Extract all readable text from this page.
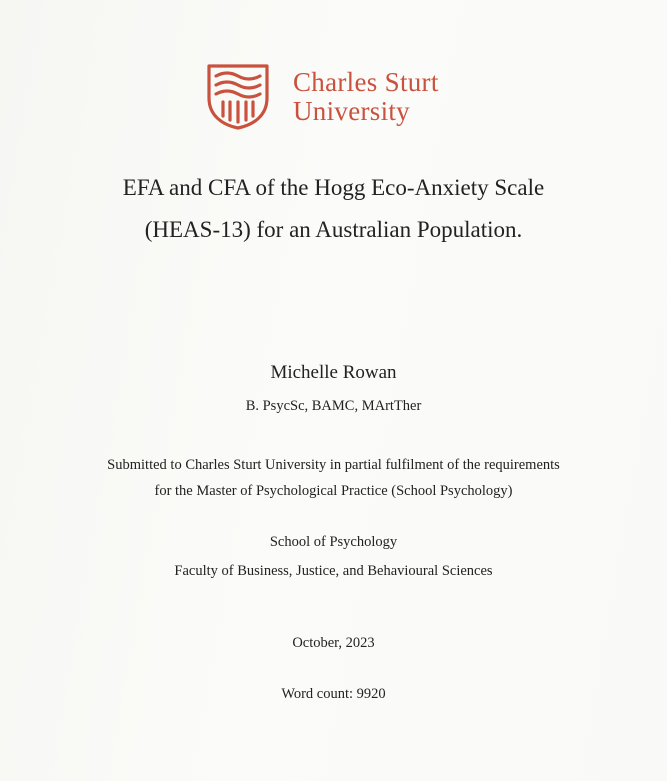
Charles Sturt
University
EFA and CFA of the Hogg Eco-Anxiety Scale
(HEAS-13) for an Australian Population.
Michelle Rowan
B. PsycSc, BAMC, MArtTher
Submitted to Charles Sturt University in partial fulfilment of the requirements
for the Master of Psychological Practice (School Psychology)
School of Psychology
Faculty of Business, Justice, and Behavioural Sciences
October, 2023
Word count: 9920
